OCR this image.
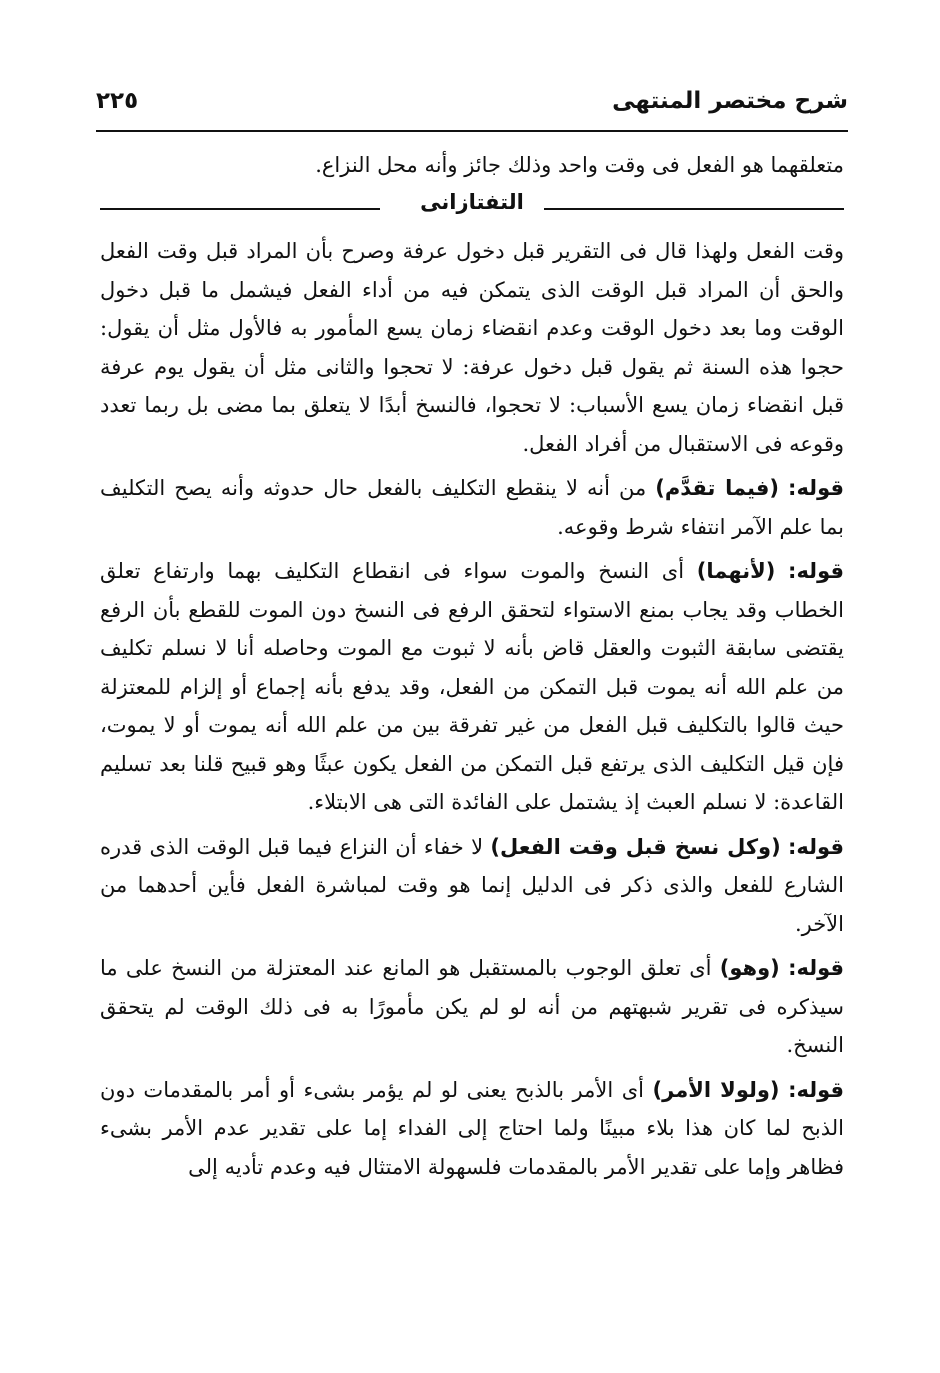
شرح مختصر المنتهى
٢٢٥
متعلقهما هو الفعل فى وقت واحد وذلك جائز وأنه محل النزاع.
التفتازانى

وقت الفعل ولهذا قال فى التقرير قبل دخول عرفة وصرح بأن المراد قبل وقت الفعل والحق أن المراد قبل الوقت الذى يتمكن فيه من أداء الفعل فيشمل ما قبل دخول الوقت وما بعد دخول الوقت وعدم انقضاء زمان يسع المأمور به فالأول مثل أن يقول: حجوا هذه السنة ثم يقول قبل دخول عرفة: لا تحجوا والثانى مثل أن يقول يوم عرفة قبل انقضاء زمان يسع الأسباب: لا تحجوا، فالنسخ أبدًا لا يتعلق بما مضى بل ربما تعدد وقوعه فى الاستقبال من أفراد الفعل.

قوله: (فيما تقدَّم) من أنه لا ينقطع التكليف بالفعل حال حدوثه وأنه يصح التكليف بما علم الآمر انتفاء شرط وقوعه.

قوله: (لأنهما) أى النسخ والموت سواء فى انقطاع التكليف بهما وارتفاع تعلق الخطاب وقد يجاب بمنع الاستواء لتحقق الرفع فى النسخ دون الموت للقطع بأن الرفع يقتضى سابقة الثبوت والعقل قاض بأنه لا ثبوت مع الموت وحاصله أنا لا نسلم تكليف من علم الله أنه يموت قبل التمكن من الفعل، وقد يدفع بأنه إجماع أو إلزام للمعتزلة حيث قالوا بالتكليف قبل الفعل من غير تفرقة بين من علم الله أنه يموت أو لا يموت، فإن قيل التكليف الذى يرتفع قبل التمكن من الفعل يكون عبثًا وهو قبيح قلنا بعد تسليم القاعدة: لا نسلم العبث إذ يشتمل على الفائدة التى هى الابتلاء.

قوله: (وكل نسخ قبل وقت الفعل) لا خفاء أن النزاع فيما قبل الوقت الذى قدره الشارع للفعل والذى ذكر فى الدليل إنما هو وقت لمباشرة الفعل فأين أحدهما من الآخر.

قوله: (وهو) أى تعلق الوجوب بالمستقبل هو المانع عند المعتزلة من النسخ على ما سيذكره فى تقرير شبهتهم من أنه لو لم يكن مأمورًا به فى ذلك الوقت لم يتحقق النسخ.

قوله: (ولولا الأمر) أى الأمر بالذبح يعنى لو لم يؤمر بشىء أو أمر بالمقدمات دون الذبح لما كان هذا بلاء مبينًا ولما احتاج إلى الفداء إما على تقدير عدم الأمر بشىء فظاهر وإما على تقدير الأمر بالمقدمات فلسهولة الامتثال فيه وعدم تأديه إلى
